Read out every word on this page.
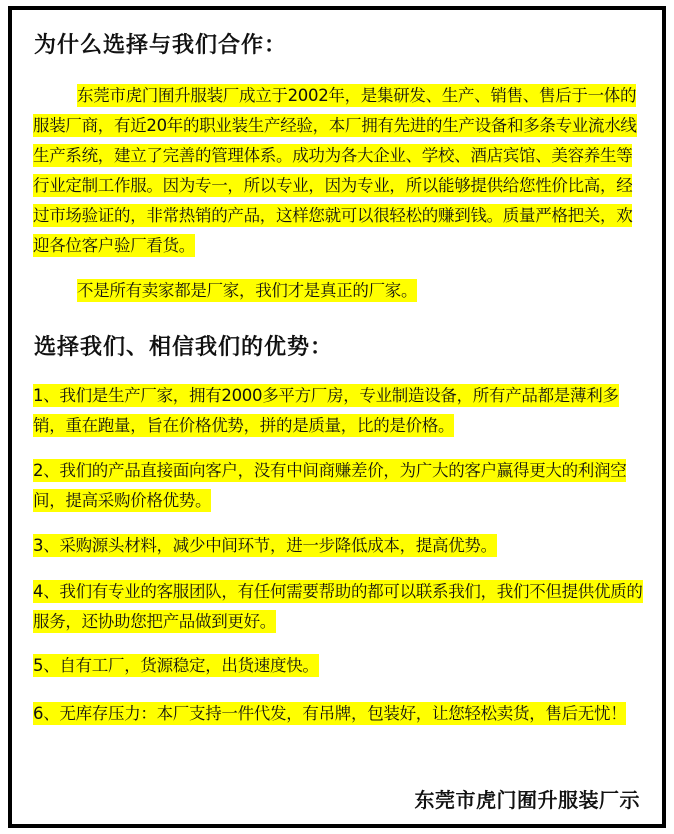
为什么选择与我们合作：

东莞市虎门囿升服装厂成立于2002年，是集研发、生产、销售、售后于一体的服装厂商，有近20年的职业装生产经验，本厂拥有先进的生产设备和多条专业流水线生产系统，建立了完善的管理体系。成功为各大企业、学校、酒店宾馆、美容养生等行业定制工作服。因为专一，所以专业，因为专业，所以能够提供给您性价比高，经过市场验证的，非常热销的产品，这样您就可以很轻松的赚到钱。质量严格把关，欢迎各位客户验厂看货。

不是所有卖家都是厂家，我们才是真正的厂家。

选择我们、相信我们的优势：

1、我们是生产厂家，拥有2000多平方厂房，专业制造设备，所有产品都是薄利多销，重在跑量，旨在价格优势，拼的是质量，比的是价格。

2、我们的产品直接面向客户，没有中间商赚差价，为广大的客户赢得更大的利润空间，提高采购价格优势。

3、采购源头材料，减少中间环节，进一步降低成本，提高优势。

4、我们有专业的客服团队，有任何需要帮助的都可以联系我们，我们不但提供优质的服务，还协助您把产品做到更好。

5、自有工厂，货源稳定，出货速度快。

6、无库存压力：本厂支持一件代发，有吊牌，包装好，让您轻松卖货，售后无忧！

东莞市虎门囿升服装厂示
